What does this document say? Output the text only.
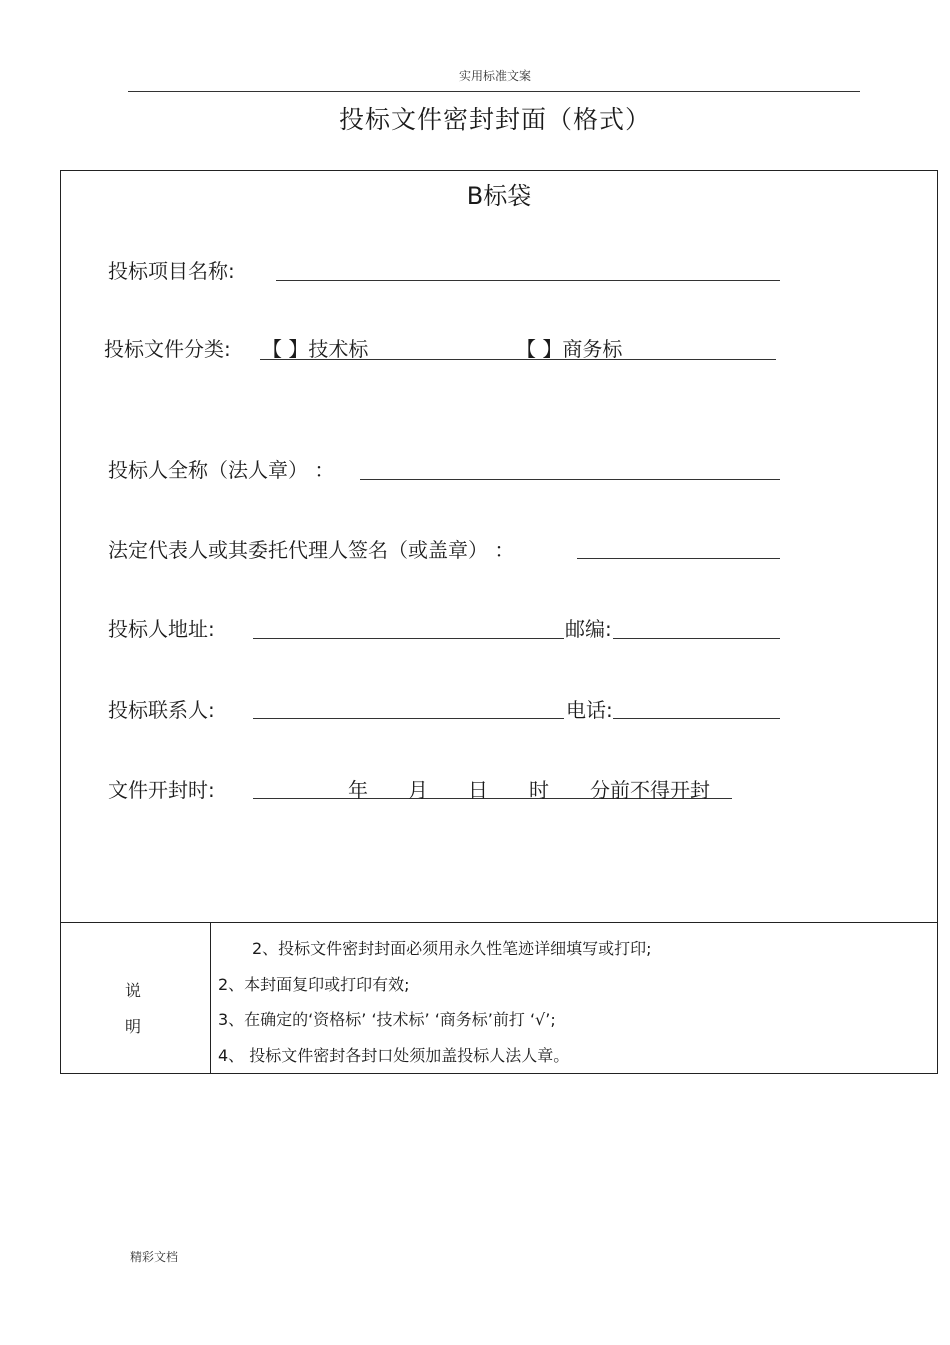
实用标准文案
投标文件密封封面（格式）
B标袋
投标项目名称:
投标文件分类: 【 】技术标	【 】商务标
投标人全称（法人章） ：
法定代表人或其委托代理人签名（或盖章） ：
投标人地址:	邮编:
投标联系人:	电话:
文件开封时:	年 月 日 时 分前不得开封
说
明
2、投标文件密封封面必须用永久性笔迹详细填写或打印;
2、本封面复印或打印有效;
3、在确定的‘资格标’ ‘技术标’ ‘商务标’前打 ‘√’;
4、 投标文件密封各封口处须加盖投标人法人章。
精彩文档
